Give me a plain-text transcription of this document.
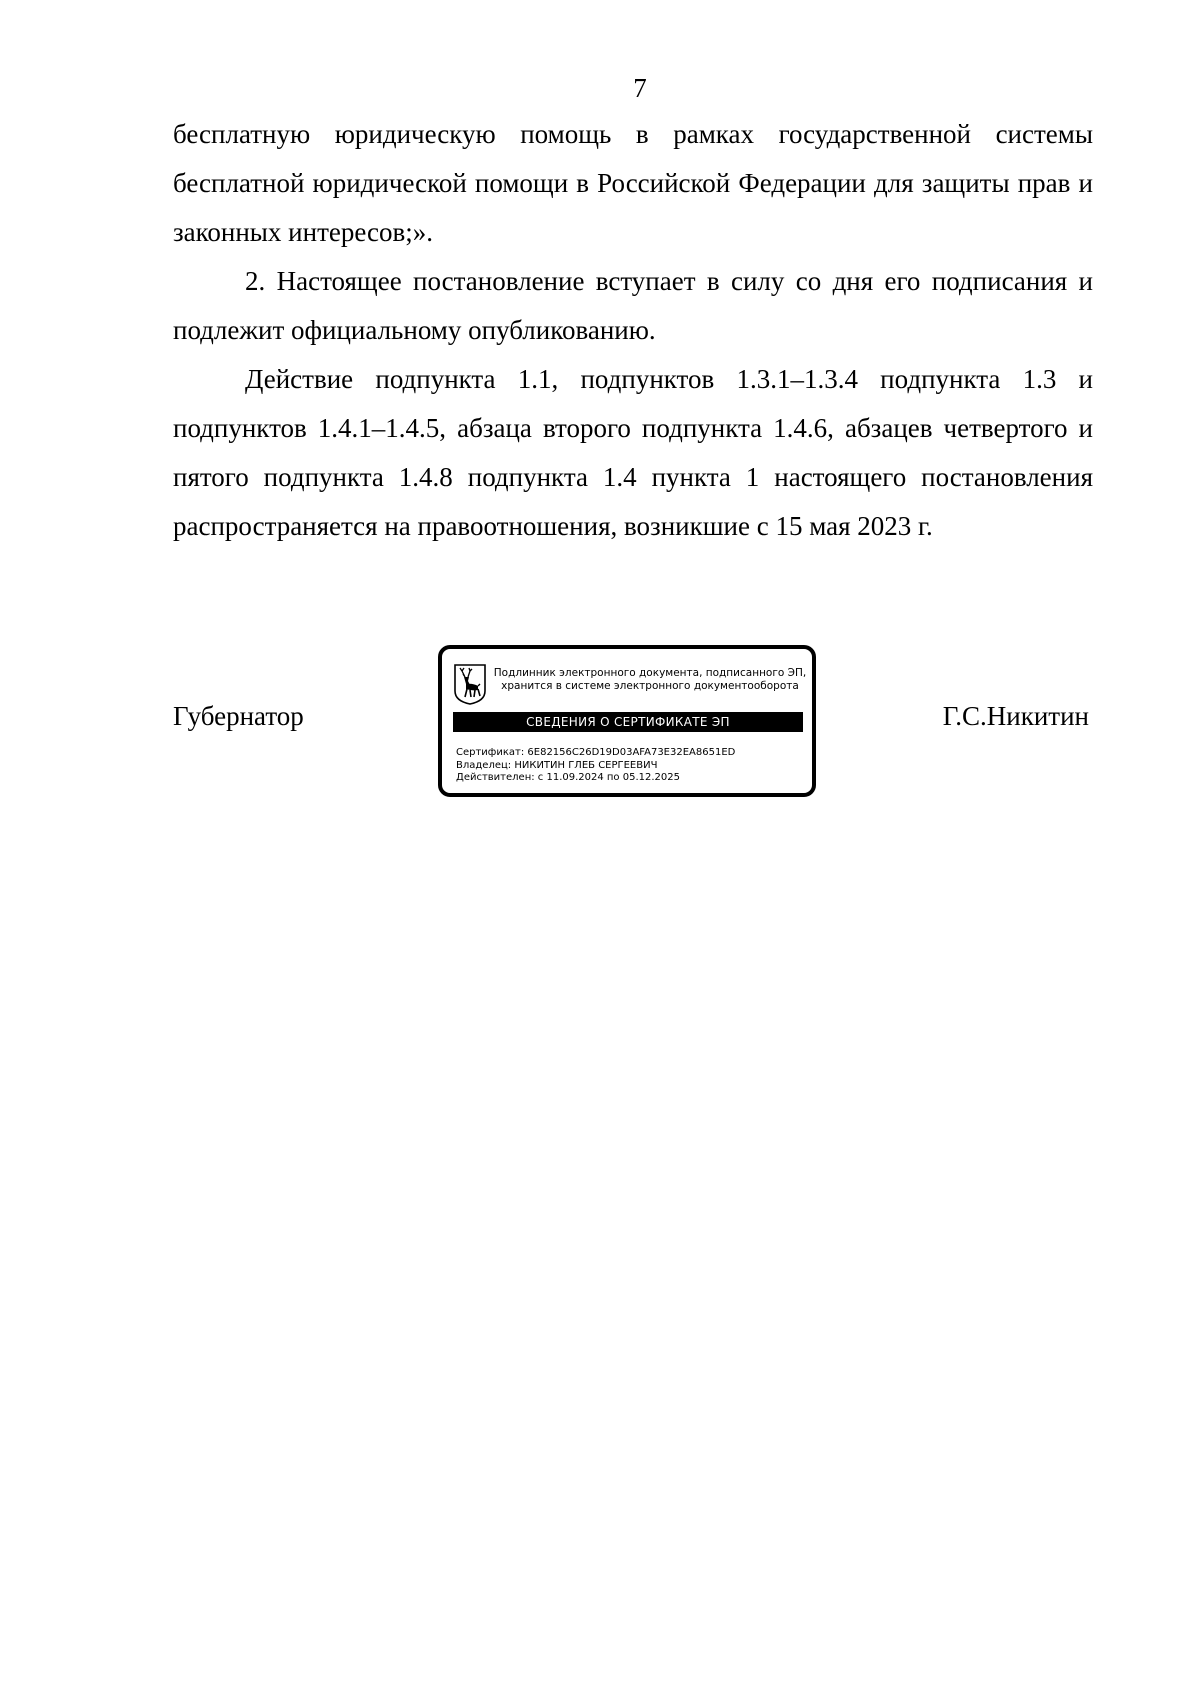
7

бесплатную юридическую помощь в рамках государственной системы бесплатной юридической помощи в Российской Федерации для защиты прав и законных интересов;».

2. Настоящее постановление вступает в силу со дня его подписания и подлежит официальному опубликованию.

Действие подпункта 1.1, подпунктов 1.3.1–1.3.4 подпункта 1.3 и подпунктов 1.4.1–1.4.5, абзаца второго подпункта 1.4.6, абзацев четвертого и пятого подпункта 1.4.8 подпункта 1.4 пункта 1 настоящего постановления распространяется на правоотношения, возникшие с 15 мая 2023 г.

Губернатор
Подлинник электронного документа, подписанного ЭП,
хранится в системе электронного документооборота
СВЕДЕНИЯ О СЕРТИФИКАТЕ ЭП
Сертификат: 6E82156C26D19D03AFA73E32EA8651ED
Владелец: НИКИТИН ГЛЕБ СЕРГЕЕВИЧ
Действителен: с 11.09.2024 по 05.12.2025
Г.С.Никитин
